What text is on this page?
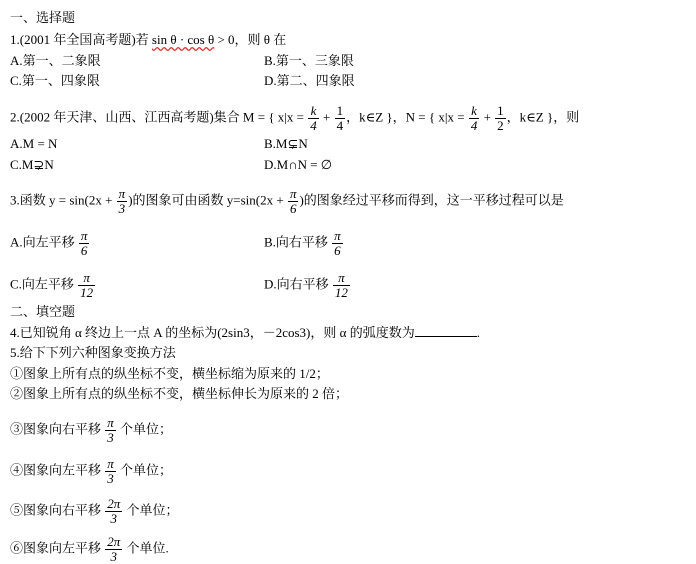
一、选择题
1.(2001 年全国高考题)若 sin θ · cos θ > 0，则 θ 在
A.第一、二象限	B.第一、三象限
C.第一、四象限	D.第二、四象限
2.(2002 年天津、山西、江西高考题)集合 M = { $x|x = \frac{k}{4} + \frac{1}{4}$ ，k∈Z }，N = { $x|x = \frac{k}{4} + \frac{1}{2}$ ，k∈Z }，则
A.M = N	B.M⊊N
C.M⊋N	D.M∩N = ∅
3.函数 $y = \sin(2x + \frac{\pi}{3}$ )的图象可由函数 $y=\sin(2x + \frac{\pi}{6}$ )的图象经过平移而得到，这一平移过程可以是
A.向左平移 $\frac{\pi}{6}$	B.向右平移 $\frac{\pi}{6}$
C.向左平移 $\frac{\pi}{12}$	D.向右平移 $\frac{\pi}{12}$
二、填空题
4.已知锐角 α 终边上一点 A 的坐标为(2sin3，－2cos3)，则 α 的弧度数为	.
5.给下下列六种图象变换方法
①图象上所有点的纵坐标不变，横坐标缩为原来的 1/2；
②图象上所有点的纵坐标不变，横坐标伸长为原来的 2 倍；
③图象向右平移 $\frac{\pi}{3}$ 个单位；
④图象向左平移 $\frac{\pi}{3}$ 个单位；
⑤图象向右平移 $\frac{2\pi}{3}$ 个单位；
⑥图象向左平移 $\frac{2\pi}{3}$ 个单位.
